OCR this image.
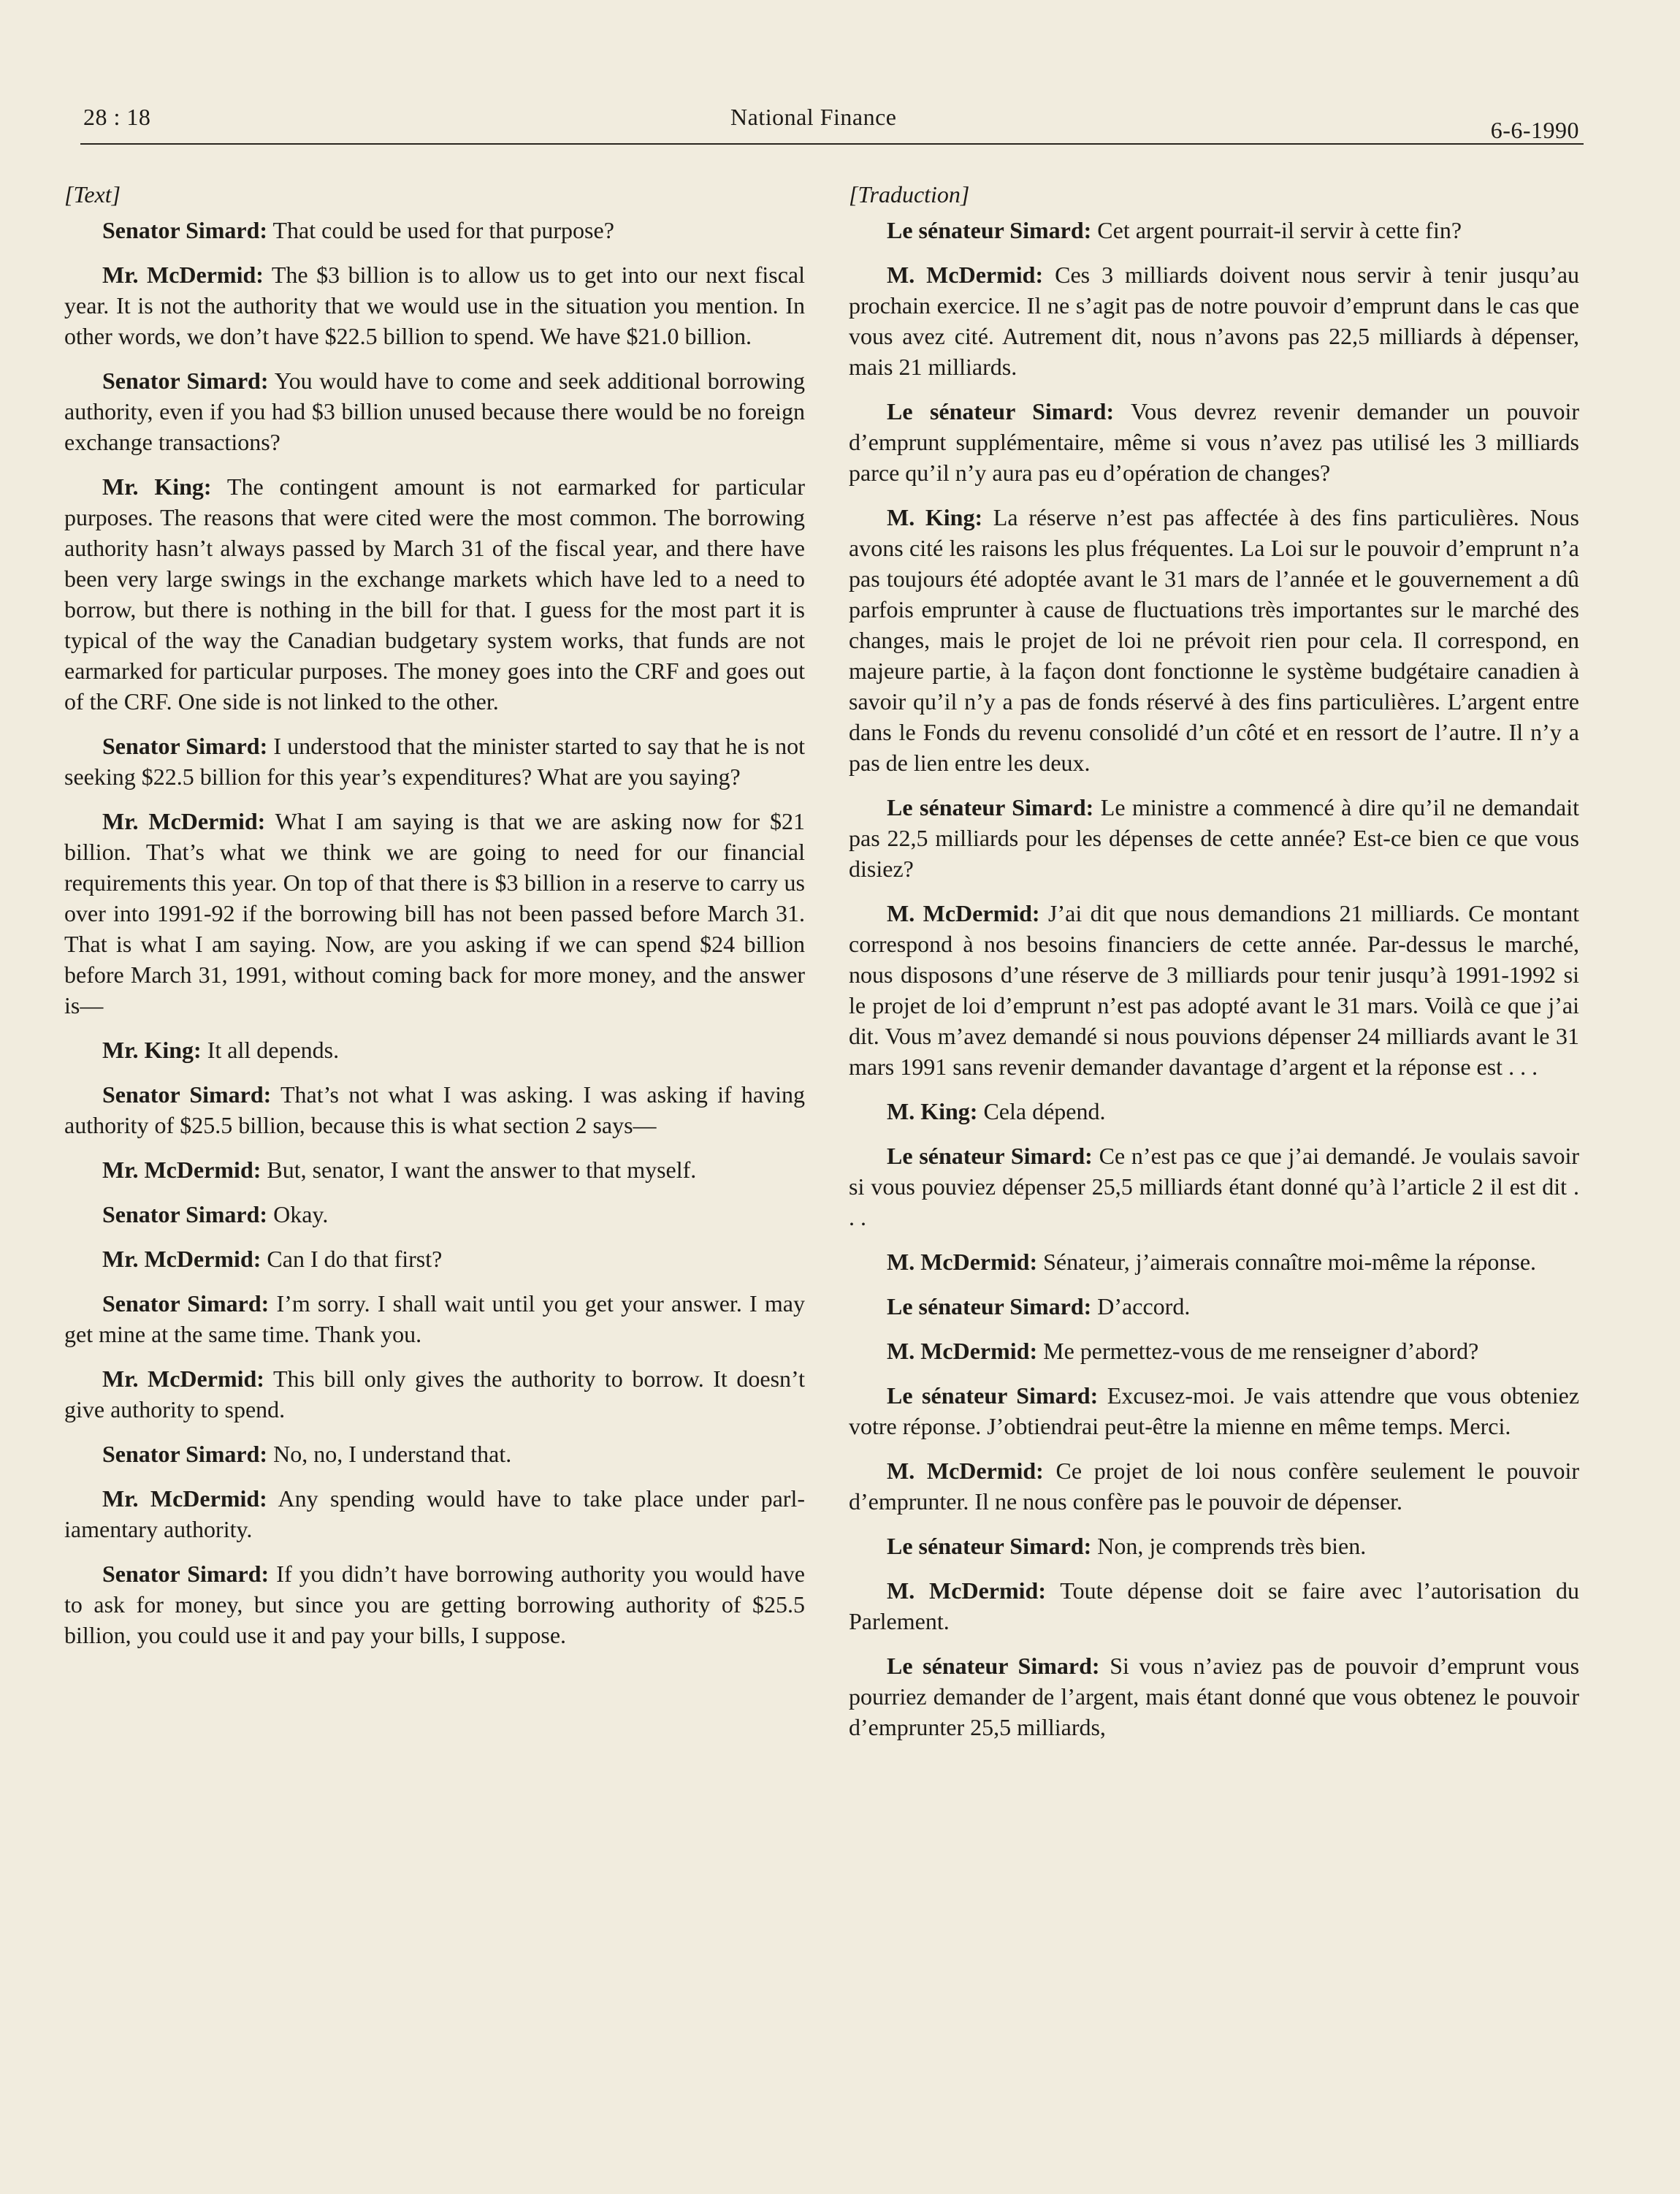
28 : 18	National Finance	6-6-1990
[Text]

Senator Simard: That could be used for that purpose?

Mr. McDermid: The $3 billion is to allow us to get into our next fiscal year. It is not the authority that we would use in the situation you mention. In other words, we don’t have $22.5 billion to spend. We have $21.0 billion.

Senator Simard: You would have to come and seek additional borrowing authority, even if you had $3 billion unused because there would be no foreign exchange transactions?

Mr. King: The contingent amount is not earmarked for particular purposes. The reasons that were cited were the most common. The borrowing authority hasn’t always passed by March 31 of the fiscal year, and there have been very large swings in the exchange markets which have led to a need to borrow, but there is nothing in the bill for that. I guess for the most part it is typical of the way the Canadian budgetary system works, that funds are not earmarked for particular purposes. The money goes into the CRF and goes out of the CRF. One side is not linked to the other.

Senator Simard: I understood that the minister started to say that he is not seeking $22.5 billion for this year’s expenditures? What are you saying?

Mr. McDermid: What I am saying is that we are asking now for $21 billion. That’s what we think we are going to need for our financial requirements this year. On top of that there is $3 billion in a reserve to carry us over into 1991-92 if the borrowing bill has not been passed before March 31. That is what I am saying. Now, are you asking if we can spend $24 billion before March 31, 1991, without coming back for more money, and the answer is—

Mr. King: It all depends.

Senator Simard: That’s not what I was asking. I was asking if having authority of $25.5 billion, because this is what section 2 says—

Mr. McDermid: But, senator, I want the answer to that myself.

Senator Simard: Okay.

Mr. McDermid: Can I do that first?

Senator Simard: I’m sorry. I shall wait until you get your answer. I may get mine at the same time. Thank you.

Mr. McDermid: This bill only gives the authority to borrow. It doesn’t give authority to spend.

Senator Simard: No, no, I understand that.

Mr. McDermid: Any spending would have to take place under parl-iamentary authority.

Senator Simard: If you didn’t have borrowing authority you would have to ask for money, but since you are getting borrowing authority of $25.5 billion, you could use it and pay your bills, I suppose.

[Traduction]

Le sénateur Simard: Cet argent pourrait-il servir à cette fin?

M. McDermid: Ces 3 milliards doivent nous servir à tenir jusqu’au prochain exercice. Il ne s’agit pas de notre pouvoir d’emprunt dans le cas que vous avez cité. Autrement dit, nous n’avons pas 22,5 milliards à dépenser, mais 21 milliards.

Le sénateur Simard: Vous devrez revenir demander un pouvoir d’emprunt supplémentaire, même si vous n’avez pas utilisé les 3 milliards parce qu’il n’y aura pas eu d’opération de changes?

M. King: La réserve n’est pas affectée à des fins particulières. Nous avons cité les raisons les plus fréquentes. La Loi sur le pouvoir d’emprunt n’a pas toujours été adoptée avant le 31 mars de l’année et le gouvernement a dû parfois emprunter à cause de fluctuations très importantes sur le marché des changes, mais le projet de loi ne prévoit rien pour cela. Il correspond, en majeure partie, à la façon dont fonctionne le système budgétaire canadien à savoir qu’il n’y a pas de fonds réservé à des fins particulières. L’argent entre dans le Fonds du revenu consolidé d’un côté et en ressort de l’autre. Il n’y a pas de lien entre les deux.

Le sénateur Simard: Le ministre a commencé à dire qu’il ne demandait pas 22,5 milliards pour les dépenses de cette année? Est-ce bien ce que vous disiez?

M. McDermid: J’ai dit que nous demandions 21 milliards. Ce montant correspond à nos besoins financiers de cette année. Par-dessus le marché, nous disposons d’une réserve de 3 milliards pour tenir jusqu’à 1991-1992 si le projet de loi d’emprunt n’est pas adopté avant le 31 mars. Voilà ce que j’ai dit. Vous m’avez demandé si nous pouvions dépenser 24 milliards avant le 31 mars 1991 sans revenir demander davantage d’argent et la réponse est . . .

M. King: Cela dépend.

Le sénateur Simard: Ce n’est pas ce que j’ai demandé. Je voulais savoir si vous pouviez dépenser 25,5 milliards étant donné qu’à l’article 2 il est dit . . .

M. McDermid: Sénateur, j’aimerais connaître moi-même la réponse.

Le sénateur Simard: D’accord.

M. McDermid: Me permettez-vous de me renseigner d’abord?

Le sénateur Simard: Excusez-moi. Je vais attendre que vous obteniez votre réponse. J’obtiendrai peut-être la mienne en même temps. Merci.

M. McDermid: Ce projet de loi nous confère seulement le pouvoir d’emprunter. Il ne nous confère pas le pouvoir de dépenser.

Le sénateur Simard: Non, je comprends très bien.

M. McDermid: Toute dépense doit se faire avec l’autorisation du Parlement.

Le sénateur Simard: Si vous n’aviez pas de pouvoir d’emprunt vous pourriez demander de l’argent, mais étant donné que vous obtenez le pouvoir d’emprunter 25,5 milliards,
